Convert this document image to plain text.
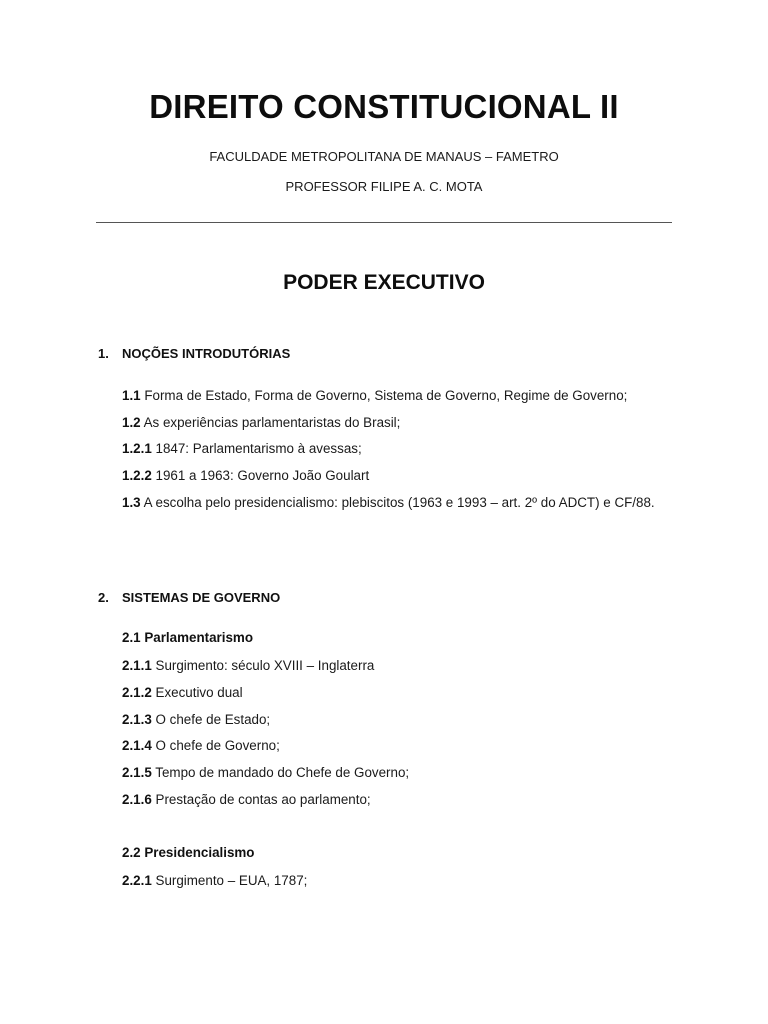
DIREITO CONSTITUCIONAL II
FACULDADE METROPOLITANA DE MANAUS – FAMETRO
PROFESSOR FILIPE A. C. MOTA
PODER EXECUTIVO
1. NOÇÕES INTRODUTÓRIAS
1.1 Forma de Estado, Forma de Governo, Sistema de Governo, Regime de Governo;
1.2 As experiências parlamentaristas do Brasil;
1.2.1 1847: Parlamentarismo à avessas;
1.2.2 1961 a 1963: Governo João Goulart
1.3 A escolha pelo presidencialismo: plebiscitos (1963 e 1993 – art. 2º do ADCT) e CF/88.
2. SISTEMAS DE GOVERNO
2.1 Parlamentarismo
2.1.1 Surgimento: século XVIII – Inglaterra
2.1.2 Executivo dual
2.1.3 O chefe de Estado;
2.1.4 O chefe de Governo;
2.1.5 Tempo de mandado do Chefe de Governo;
2.1.6 Prestação de contas ao parlamento;
2.2 Presidencialismo
2.2.1 Surgimento – EUA, 1787;
